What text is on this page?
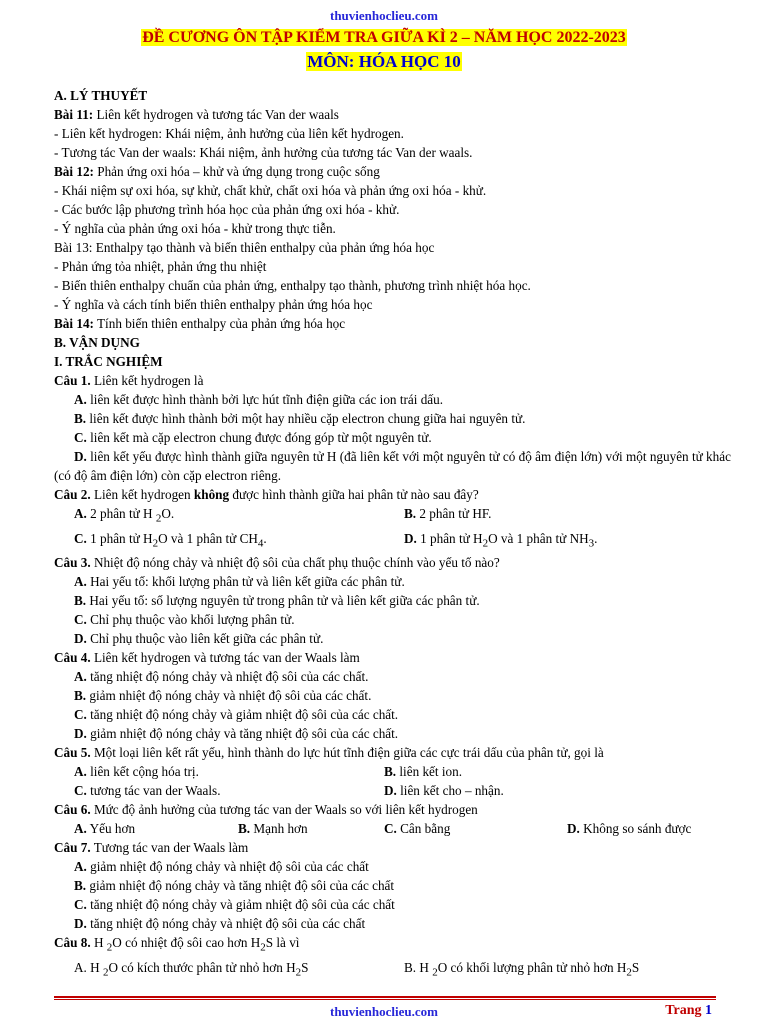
thuvienhoclieu.com
ĐỀ CƯƠNG ÔN TẬP KIỂM TRA GIỮA KÌ 2 – NĂM HỌC 2022-2023
MÔN: HÓA HỌC 10

A. LÝ THUYẾT

Bài 11: Liên kết hydrogen và tương tác Van der waals

- Liên kết hydrogen: Khái niệm, ảnh hưởng của liên kết hydrogen.

- Tương tác Van der waals: Khái niệm, ảnh hưởng của tương tác Van der waals.

Bài 12: Phản ứng oxi hóa – khử và ứng dụng trong cuộc sống

- Khái niệm sự oxi hóa, sự khử, chất khử, chất oxi hóa và phản ứng oxi hóa - khử.

- Các bước lập phương trình hóa học của phản ứng oxi hóa - khử.

- Ý nghĩa của phản ứng oxi hóa - khử trong thực tiễn.

Bài 13: Enthalpy tạo thành và biến thiên enthalpy của phản ứng hóa học

- Phản ứng tỏa nhiệt, phản ứng thu nhiệt

- Biến thiên enthalpy chuẩn của phản ứng, enthalpy tạo thành, phương trình nhiệt hóa học.

- Ý nghĩa và cách tính biến thiên enthalpy phản ứng hóa học

Bài 14: Tính biến thiên enthalpy của phản ứng hóa học

B. VẬN DỤNG

I. TRẮC NGHIỆM

Câu 1. Liên kết hydrogen là

A. liên kết được hình thành bởi lực hút tĩnh điện giữa các ion trái dấu.

B. liên kết được hình thành bởi một hay nhiều cặp electron chung giữa hai nguyên tử.

C. liên kết mà cặp electron chung được đóng góp từ một nguyên tử.

D. liên kết yếu được hình thành giữa nguyên tử H (đã liên kết với một nguyên tử có độ âm điện lớn) với một nguyên tử khác (có độ âm điện lớn) còn cặp electron riêng.

Câu 2. Liên kết hydrogen không được hình thành giữa hai phân tử nào sau đây?

A. 2 phân tử H $_2$O.	B. 2 phân tử HF.
C. 1 phân tử $H_2O$ và 1 phân tử $CH_4$.	D. 1 phân tử $H_2O$ và 1 phân tử $NH_3$.

Câu 3. Nhiệt độ nóng chảy và nhiệt độ sôi của chất phụ thuộc chính vào yếu tố nào?

A. Hai yếu tố: khối lượng phân tử và liên kết giữa các phân tử.

B. Hai yếu tố: số lượng nguyên tử trong phân tử và liên kết giữa các phân tử.

C. Chỉ phụ thuộc vào khối lượng phân tử.

D. Chỉ phụ thuộc vào liên kết giữa các phân tử.

Câu 4. Liên kết hydrogen và tương tác van der Waals làm

A. tăng nhiệt độ nóng chảy và nhiệt độ sôi của các chất.

B. giảm nhiệt độ nóng chảy và nhiệt độ sôi của các chất.

C. tăng nhiệt độ nóng chảy và giảm nhiệt độ sôi của các chất.

D. giảm nhiệt độ nóng chảy và tăng nhiệt độ sôi của các chất.

Câu 5. Một loại liên kết rất yếu, hình thành do lực hút tĩnh điện giữa các cực trái dấu của phân tử, gọi là

A. liên kết cộng hóa trị.	B. liên kết ion.
C. tương tác van der Waals.	D. liên kết cho – nhận.

Câu 6. Mức độ ảnh hưởng của tương tác van der Waals so với liên kết hydrogen

A. Yếu hơn	B. Mạnh hơn	C. Cân bằng	D. Không so sánh được

Câu 7. Tương tác van der Waals làm

A. giảm nhiệt độ nóng chảy và nhiệt độ sôi của các chất

B. giảm nhiệt độ nóng chảy và tăng nhiệt độ sôi của các chất

C. tăng nhiệt độ nóng chảy và giảm nhiệt độ sôi của các chất

D. tăng nhiệt độ nóng chảy và nhiệt độ sôi của các chất

Câu 8. H $_2$O có nhiệt độ sôi cao hơn $H_2S$ là vì

A. H $_2$O có kích thước phân tử nhỏ hơn $H_2S$	B. H $_2$O có khối lượng phân tử nhỏ hơn $H_2S$
thuvienhoclieu.com	Trang 1
